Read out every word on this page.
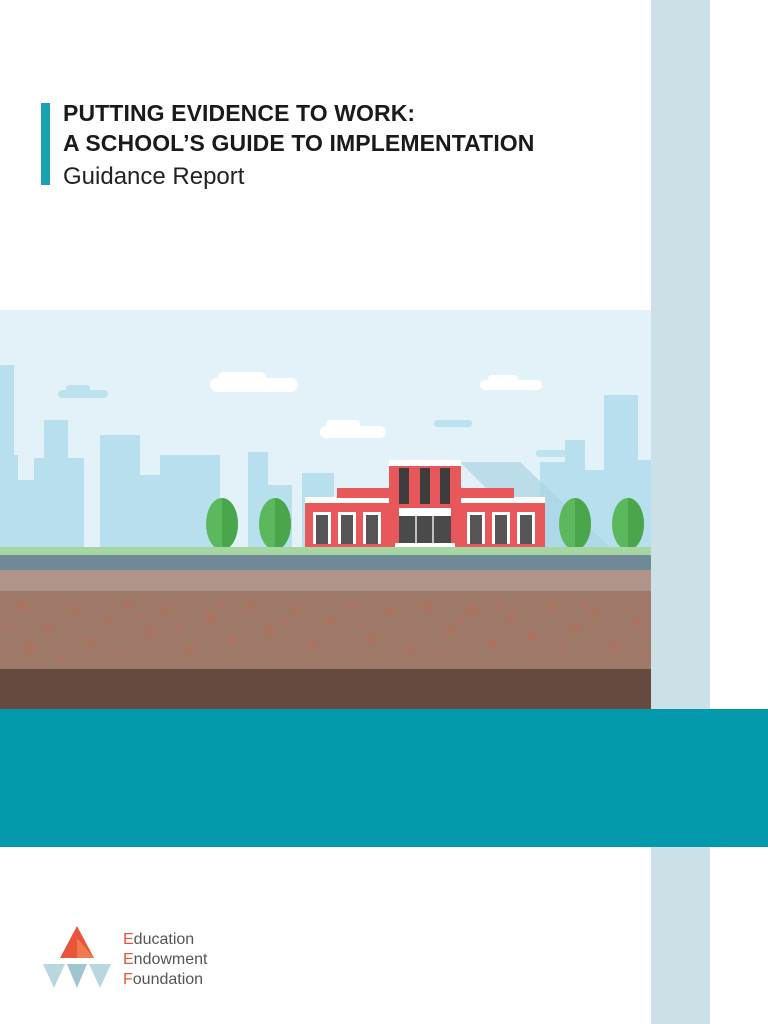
PUTTING EVIDENCE TO WORK:
A SCHOOL’S GUIDE TO IMPLEMENTATION
Guidance Report
Education
Endowment
Foundation
